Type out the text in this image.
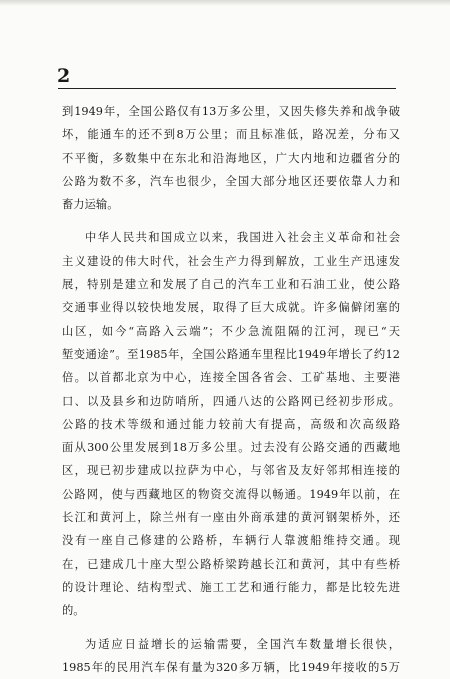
2
到1949年，全国公路仅有13万多公里，又因失修失养和战争破
坏，能通车的还不到8万公里；而且标准低，路况差，分布又
不平衡，多数集中在东北和沿海地区，广大内地和边疆省分的
公路为数不多，汽车也很少，全国大部分地区还要依靠人力和
畜力运输。
中华人民共和国成立以来，我国进入社会主义革命和社会
主义建设的伟大时代，社会生产力得到解放，工业生产迅速发
展，特别是建立和发展了自己的汽车工业和石油工业，使公路
交通事业得以较快地发展，取得了巨大成就。许多偏僻闭塞的
山区，如今“高路入云端”；不少急流阻隔的江河，现已“天
堑变通途”。至1985年，全国公路通车里程比1949年增长了约12
倍。以首都北京为中心，连接全国各省会、工矿基地、主要港
口、以及县乡和边防哨所，四通八达的公路网已经初步形成。
公路的技术等级和通过能力较前大有提高，高级和次高级路
面从300公里发展到18万多公里。过去没有公路交通的西藏地
区，现已初步建成以拉萨为中心，与邻省及友好邻邦相连接的
公路网，使与西藏地区的物资交流得以畅通。1949年以前，在
长江和黄河上，除兰州有一座由外商承建的黄河钢架桥外，还
没有一座自己修建的公路桥，车辆行人靠渡船维持交通。现
在，已建成几十座大型公路桥梁跨越长江和黄河，其中有些桥
的设计理论、结构型式、施工工艺和通行能力，都是比较先进
的。
为适应日益增长的运输需要，全国汽车数量增长很快，
1985年的民用汽车保有量为320多万辆，比1949年接收的5万
